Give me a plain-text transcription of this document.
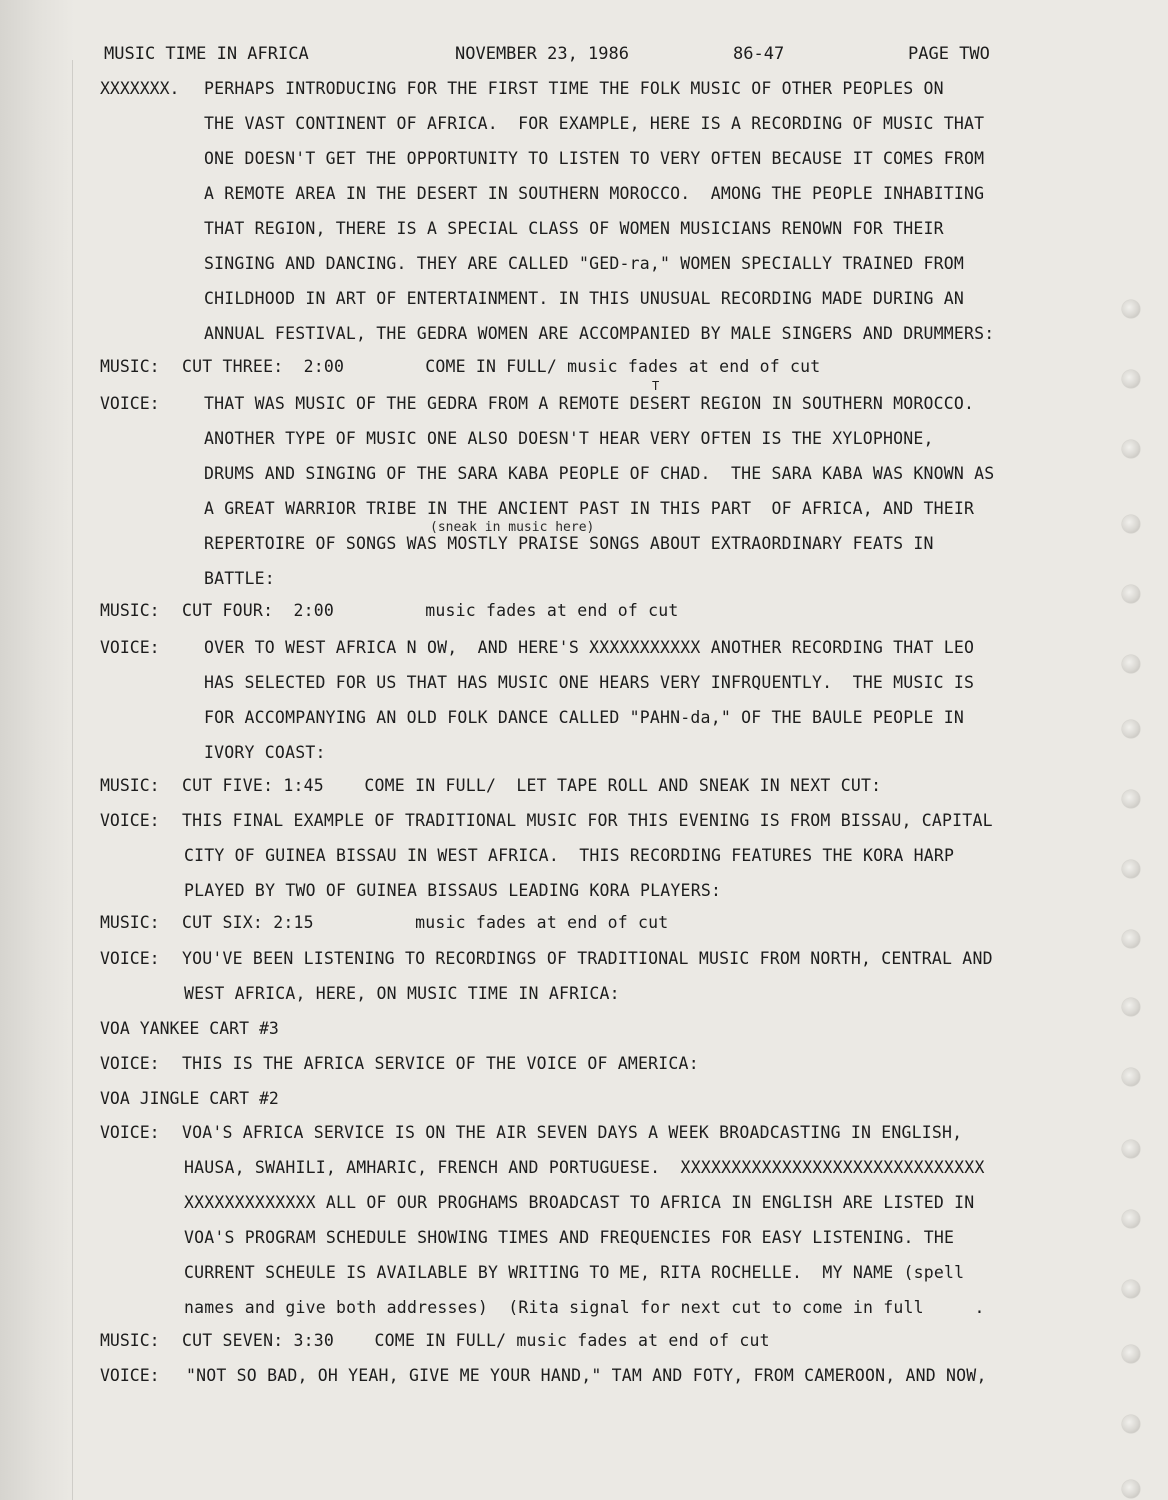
MUSIC TIME IN AFRICA	NOVEMBER 23, 1986	86-47	PAGE TWO
XXXXXXX. PERHAPS INTRODUCING FOR THE FIRST TIME THE FOLK MUSIC OF OTHER PEOPLES ON
THE VAST CONTINENT OF AFRICA.  FOR EXAMPLE, HERE IS A RECORDING OF MUSIC THAT
ONE DOESN'T GET THE OPPORTUNITY TO LISTEN TO VERY OFTEN BECAUSE IT COMES FROM
A REMOTE AREA IN THE DESERT IN SOUTHERN MOROCCO.  AMONG THE PEOPLE INHABITING
THAT REGION, THERE IS A SPECIAL CLASS OF WOMEN MUSICIANS RENOWN FOR THEIR
SINGING AND DANCING. THEY ARE CALLED "GED-ra," WOMEN SPECIALLY TRAINED FROM
CHILDHOOD IN ART OF ENTERTAINMENT. IN THIS UNUSUAL RECORDING MADE DURING AN
ANNUAL FESTIVAL, THE GEDRA WOMEN ARE ACCOMPANIED BY MALE SINGERS AND DRUMMERS:
MUSIC: CUT THREE:  2:00        COME IN FULL/ music fades at end of cut
VOICE:	THAT WAS MUSIC OF THE GEDRA FROM A REMOTE DESERT REGION IN SOUTHERN MOROCCO.
ANOTHER TYPE OF MUSIC ONE ALSO DOESN'T HEAR VERY OFTEN IS THE XYLOPHONE,
DRUMS AND SINGING OF THE SARA KABA PEOPLE OF CHAD.  THE SARA KABA WAS KNOWN AS
A GREAT WARRIOR TRIBE IN THE ANCIENT PAST IN THIS PART  OF AFRICA, AND THEIR
REPERTOIRE OF SONGS WAS MOSTLY PRAISE SONGS ABOUT EXTRAORDINARY FEATS IN
BATTLE:
MUSIC: CUT FOUR:  2:00         music fades at end of cut
VOICE:	OVER TO WEST AFRICA N OW,  AND HERE'S XXXXXXXXXXX ANOTHER RECORDING THAT LEO
HAS SELECTED FOR US THAT HAS MUSIC ONE HEARS VERY INFRQUENTLY.  THE MUSIC IS
FOR ACCOMPANYING AN OLD FOLK DANCE CALLED "PAHN-da," OF THE BAULE PEOPLE IN
IVORY COAST:
MUSIC: CUT FIVE: 1:45    COME IN FULL/  LET TAPE ROLL AND SNEAK IN NEXT CUT:
VOICE: THIS FINAL EXAMPLE OF TRADITIONAL MUSIC FOR THIS EVENING IS FROM BISSAU, CAPITAL
CITY OF GUINEA BISSAU IN WEST AFRICA.  THIS RECORDING FEATURES THE KORA HARP
PLAYED BY TWO OF GUINEA BISSAUS LEADING KORA PLAYERS:
MUSIC: CUT SIX: 2:15          music fades at end of cut
VOICE: YOU'VE BEEN LISTENING TO RECORDINGS OF TRADITIONAL MUSIC FROM NORTH, CENTRAL AND
WEST AFRICA, HERE, ON MUSIC TIME IN AFRICA:
VOA YANKEE CART #3
VOICE: THIS IS THE AFRICA SERVICE OF THE VOICE OF AMERICA:
VOA JINGLE CART #2
VOICE: VOA'S AFRICA SERVICE IS ON THE AIR SEVEN DAYS A WEEK BROADCASTING IN ENGLISH,
HAUSA, SWAHILI, AMHARIC, FRENCH AND PORTUGUESE.  XXXXXXXXXXXXXXXXXXXXXXXXXXXXXX
XXXXXXXXXXXXX ALL OF OUR PROGHAMS BROADCAST TO AFRICA IN ENGLISH ARE LISTED IN
VOA'S PROGRAM SCHEDULE SHOWING TIMES AND FREQUENCIES FOR EASY LISTENING. THE
CURRENT SCHEULE IS AVAILABLE BY WRITING TO ME, RITA ROCHELLE.  MY NAME (spell
names and give both addresses)  (Rita signal for next cut to come in full     .
MUSIC: CUT SEVEN: 3:30    COME IN FULL/ music fades at end of cut
VOICE: "NOT SO BAD, OH YEAH, GIVE ME YOUR HAND," TAM AND FOTY, FROM CAMEROON, AND NOW,
(sneak in music here)
T
